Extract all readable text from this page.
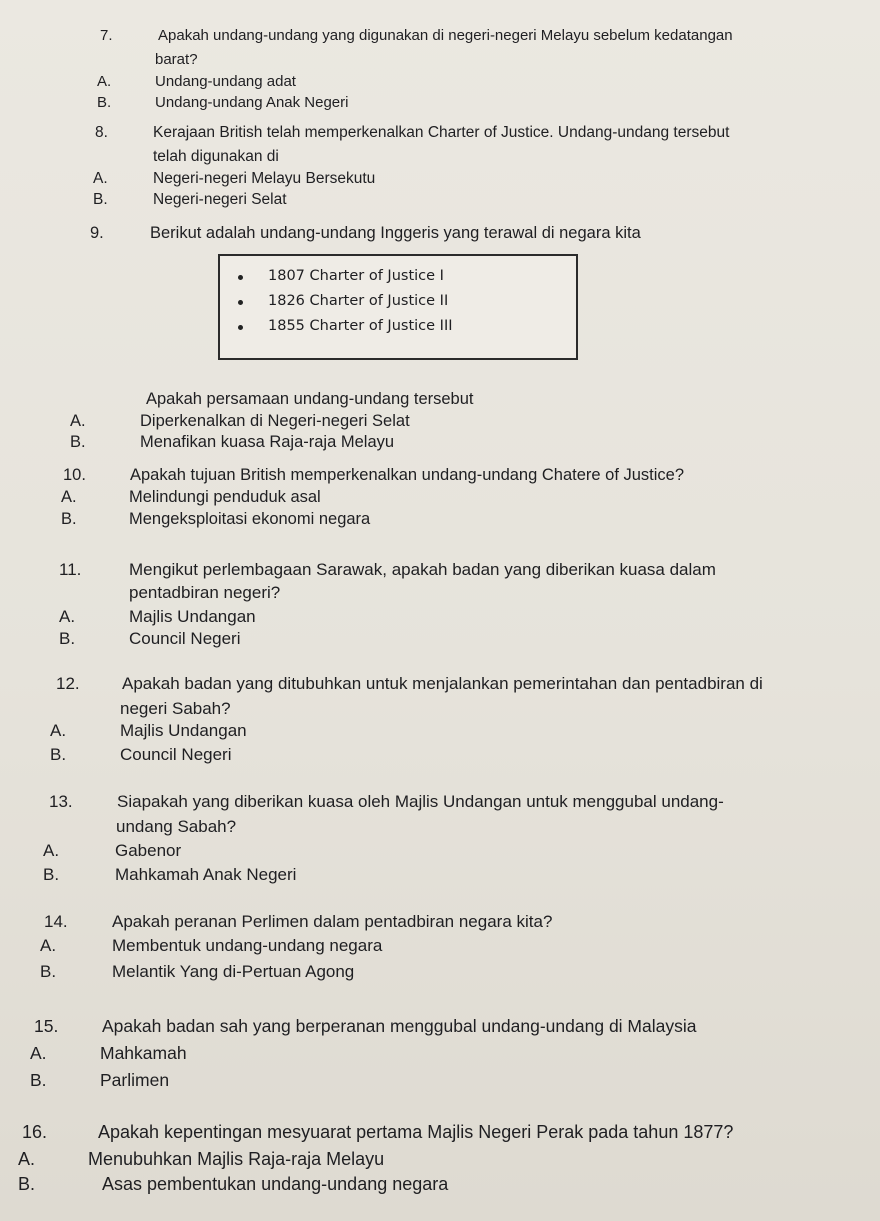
7.	Apakah undang-undang yang digunakan di negeri-negeri Melayu sebelum kedatangan
barat?
A.	Undang-undang adat
B.	Undang-undang Anak Negeri
8.	Kerajaan British telah memperkenalkan Charter of Justice. Undang-undang tersebut
telah digunakan di
A.	Negeri-negeri Melayu Bersekutu
B.	Negeri-negeri Selat
9.	Berikut adalah undang-undang Inggeris yang terawal di negara kita
1807 Charter of Justice I
1826 Charter of Justice II
1855 Charter of Justice III
Apakah persamaan undang-undang tersebut
A.	Diperkenalkan di Negeri-negeri Selat
B.	Menafikan kuasa Raja-raja Melayu
10.	Apakah tujuan British memperkenalkan undang-undang Chatere of Justice?
A.	Melindungi penduduk asal
B.	Mengeksploitasi ekonomi negara
11.	Mengikut perlembagaan Sarawak, apakah badan yang diberikan kuasa dalam
pentadbiran negeri?
A.	Majlis Undangan
B.	Council Negeri
12. Apakah badan yang ditubuhkan untuk menjalankan pemerintahan dan pentadbiran di
negeri Sabah?
A.	Majlis Undangan
B.	Council Negeri
13.	Siapakah yang diberikan kuasa oleh Majlis Undangan untuk menggubal undang-
undang Sabah?
A.	Gabenor
B.	Mahkamah Anak Negeri
14.	Apakah peranan Perlimen dalam pentadbiran negara kita?
A.	Membentuk undang-undang negara
B.	Melantik Yang di-Pertuan Agong
15. Apakah badan sah yang berperanan menggubal undang-undang di Malaysia
A.	Mahkamah
B.	Parlimen
16.	Apakah kepentingan mesyuarat pertama Majlis Negeri Perak pada tahun 1877?
A.	Menubuhkan Majlis Raja-raja Melayu
B.	Asas pembentukan undang-undang negara
